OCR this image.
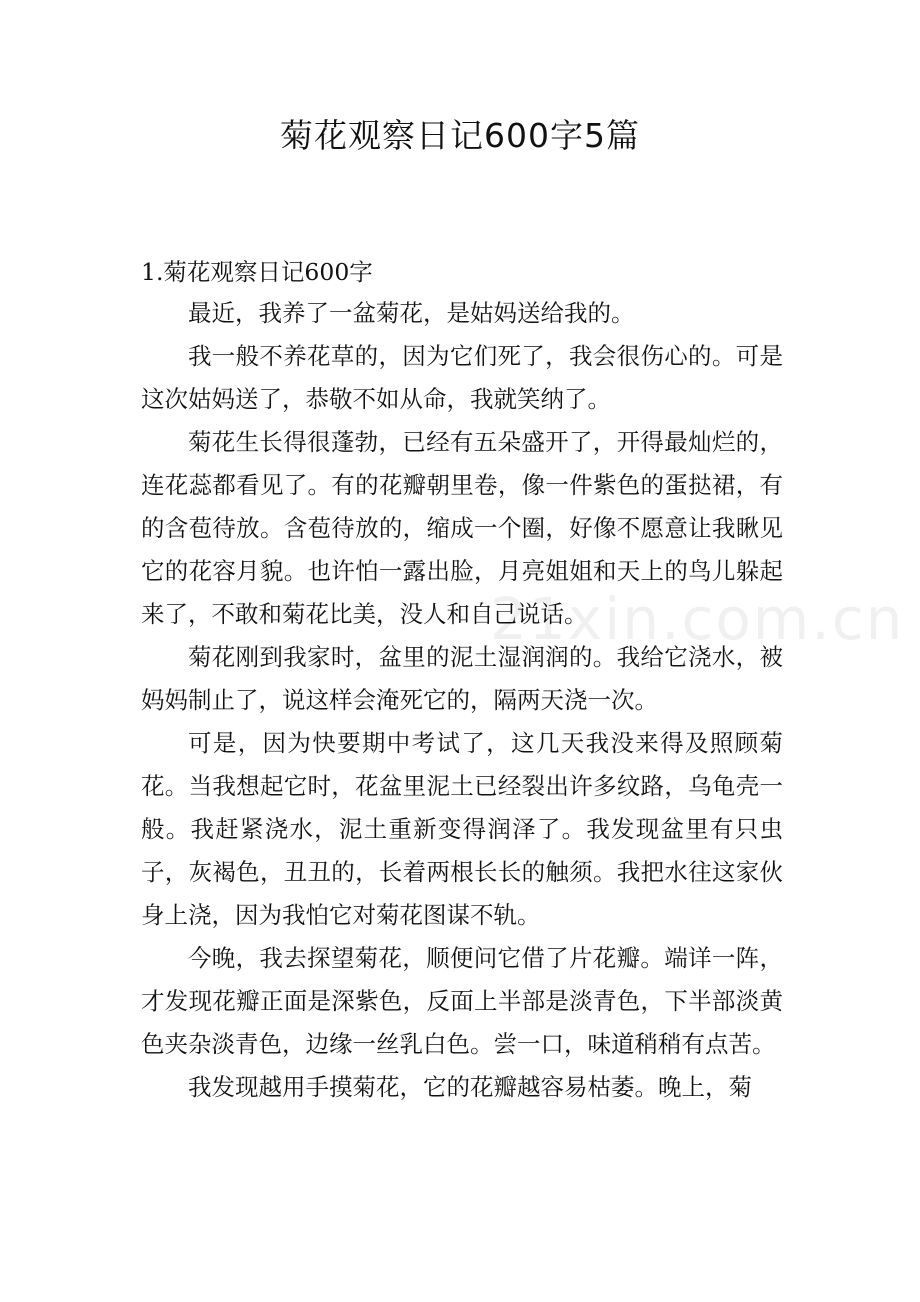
菊花观察日记600字5篇
21xin.com.cn

1.菊花观察日记600字

最近，我养了一盆菊花，是姑妈送给我的。

我一般不养花草的，因为它们死了，我会很伤心的。可是这次姑妈送了，恭敬不如从命，我就笑纳了。

菊花生长得很蓬勃，已经有五朵盛开了，开得最灿烂的，连花蕊都看见了。有的花瓣朝里卷，像一件紫色的蛋挞裙，有的含苞待放。含苞待放的，缩成一个圈，好像不愿意让我瞅见它的花容月貌。也许怕一露出脸，月亮姐姐和天上的鸟儿躲起来了，不敢和菊花比美，没人和自己说话。

菊花刚到我家时，盆里的泥土湿润润的。我给它浇水，被妈妈制止了，说这样会淹死它的，隔两天浇一次。

可是，因为快要期中考试了，这几天我没来得及照顾菊花。当我想起它时，花盆里泥土已经裂出许多纹路，乌龟壳一般。我赶紧浇水，泥土重新变得润泽了。我发现盆里有只虫子，灰褐色，丑丑的，长着两根长长的触须。我把水往这家伙身上浇，因为我怕它对菊花图谋不轨。

今晚，我去探望菊花，顺便问它借了片花瓣。端详一阵，才发现花瓣正面是深紫色，反面上半部是淡青色，下半部淡黄色夹杂淡青色，边缘一丝乳白色。尝一口，味道稍稍有点苦。

我发现越用手摸菊花，它的花瓣越容易枯萎。晚上，菊
